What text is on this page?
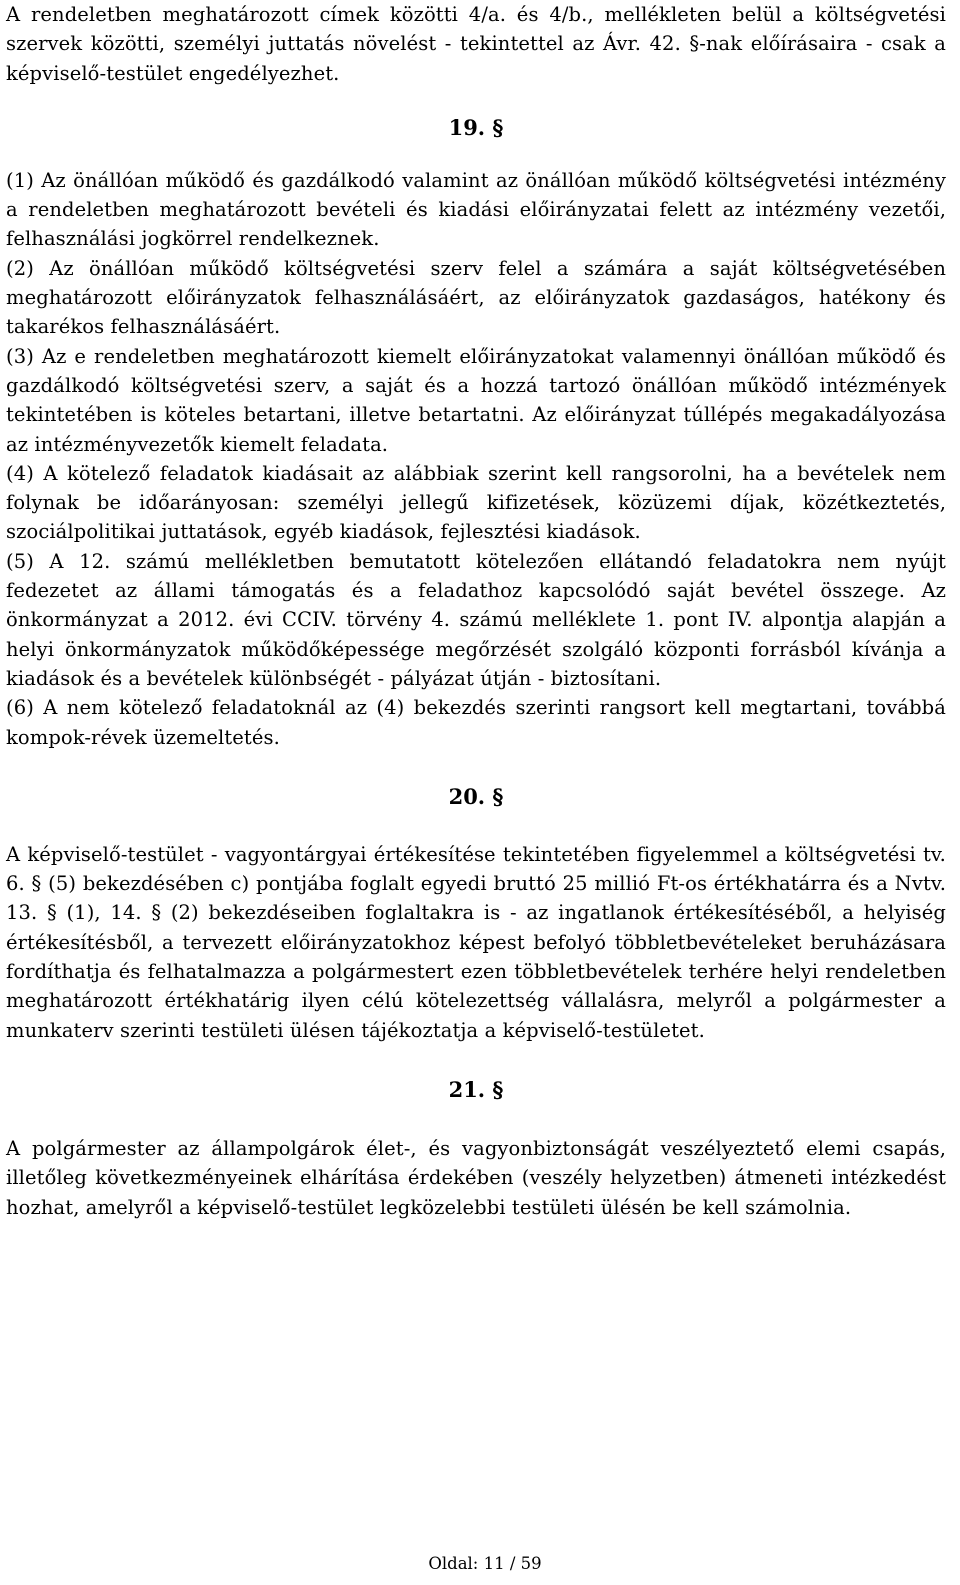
A rendeletben meghatározott címek közötti 4/a. és 4/b., mellékleten belül a költségvetési szervek közötti, személyi juttatás növelést - tekintettel az Ávr. 42. §-nak előírásaira - csak a képviselő-testület engedélyezhet.

19. §

(1) Az önállóan működő és gazdálkodó valamint az önállóan működő költségvetési intézmény a rendeletben meghatározott bevételi és kiadási előirányzatai felett az intézmény vezetői, felhasználási jogkörrel rendelkeznek.

(2) Az önállóan működő költségvetési szerv felel a számára a saját költségvetésében meghatározott előirányzatok felhasználásáért, az előirányzatok gazdaságos, hatékony és takarékos felhasználásáért.

(3) Az e rendeletben meghatározott kiemelt előirányzatokat valamennyi önállóan működő és gazdálkodó költségvetési szerv, a saját és a hozzá tartozó önállóan működő intézmények tekintetében is köteles betartani, illetve betartatni. Az előirányzat túllépés megakadályozása az intézményvezetők kiemelt feladata.

(4) A kötelező feladatok kiadásait az alábbiak szerint kell rangsorolni, ha a bevételek nem folynak be időarányosan: személyi jellegű kifizetések, közüzemi díjak, közétkeztetés, szociálpolitikai juttatások, egyéb kiadások, fejlesztési kiadások.

(5) A 12. számú mellékletben bemutatott kötelezően ellátandó feladatokra nem nyújt fedezetet az állami támogatás és a feladathoz kapcsolódó saját bevétel összege. Az önkormányzat a 2012. évi CCIV. törvény 4. számú melléklete 1. pont IV. alpontja alapján a helyi önkormányzatok működőképessége megőrzését szolgáló központi forrásból kívánja a kiadások és a bevételek különbségét - pályázat útján - biztosítani.

(6) A nem kötelező feladatoknál az (4) bekezdés szerinti rangsort kell megtartani, továbbá kompok-révek üzemeltetés.

20. §

A képviselő-testület - vagyontárgyai értékesítése tekintetében figyelemmel a költségvetési tv. 6. § (5) bekezdésében c) pontjába foglalt egyedi bruttó 25 millió Ft-os értékhatárra és a Nvtv. 13. § (1), 14. § (2) bekezdéseiben foglaltakra is - az ingatlanok értékesítéséből, a helyiség értékesítésből, a tervezett előirányzatokhoz képest befolyó többletbevételeket beruházásara fordíthatja és felhatalmazza a polgármestert ezen többletbevételek terhére helyi rendeletben meghatározott értékhatárig ilyen célú kötelezettség vállalásra, melyről a polgármester a munkaterv szerinti testületi ülésen tájékoztatja a képviselő-testületet.

21. §

A polgármester az állampolgárok élet-, és vagyonbiztonságát veszélyeztető elemi csapás, illetőleg következményeinek elhárítása érdekében (veszély helyzetben) átmeneti intézkedést hozhat, amelyről a képviselő-testület legközelebbi testületi ülésén be kell számolnia.

Oldal: 11 / 59
